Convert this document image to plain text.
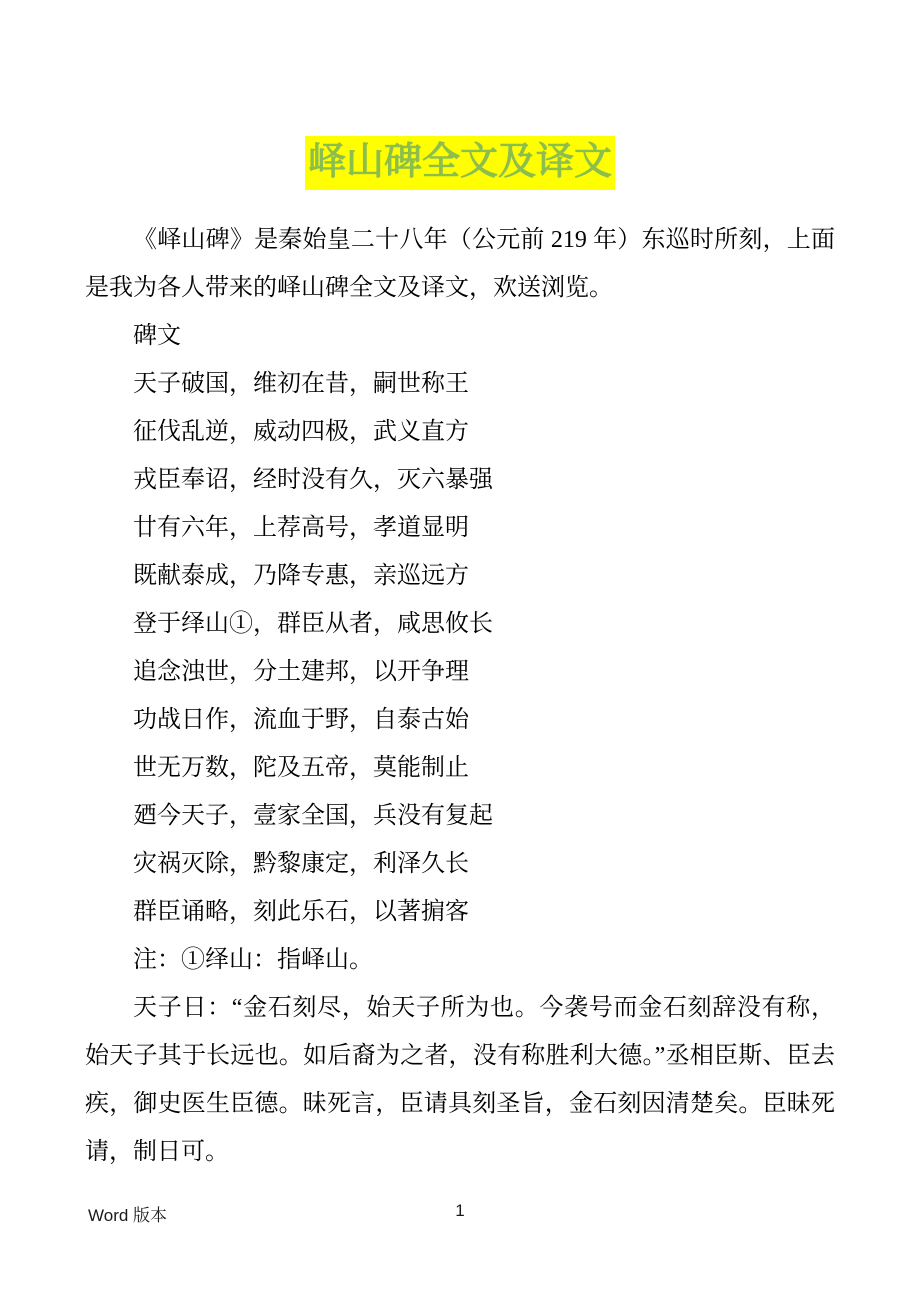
峄山碑全文及译文

《峄山碑》是秦始皇二十八年（公元前 219 年）东巡时所刻，上面是我为各人带来的峄山碑全文及译文，欢送浏览。

碑文

天子破国，维初在昔，嗣世称王

征伐乱逆，威动四极，武义直方

戎臣奉诏，经时没有久，灭六暴强

廿有六年，上荐高号，孝道显明

既献泰成，乃降专惠，亲巡远方

登于绎山①，群臣从者，咸思攸长

追念浊世，分土建邦，以开争理

功战日作，流血于野，自泰古始

世无万数，陀及五帝，莫能制止

廼今天子，壹家全国，兵没有复起

灾祸灭除，黔黎康定，利泽久长

群臣诵略，刻此乐石，以著掮客

注：①绎山：指峄山。

天子日：“金石刻尽，始天子所为也。今袭号而金石刻辞没有称，始天子其于长远也。如后裔为之者，没有称胜利大德。”丞相臣斯、臣去疾，御史医生臣德。昧死言，臣请具刻圣旨，金石刻因清楚矣。臣昧死请，制日可。

Word 版本	1
